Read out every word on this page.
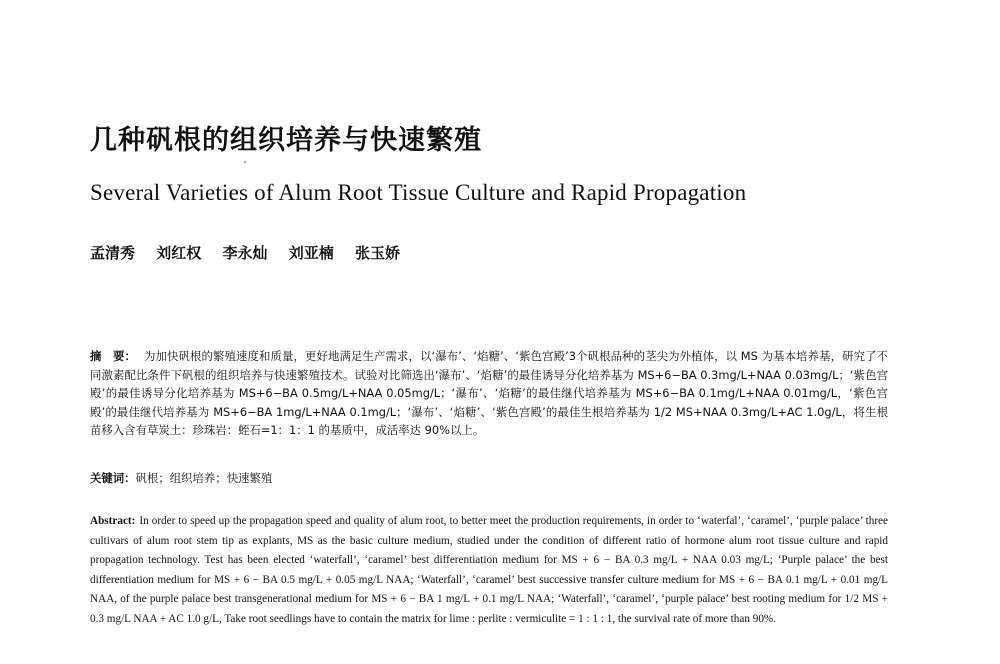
几种矾根的组织培养与快速繁殖
Several Varieties of Alum Root Tissue Culture and Rapid Propagation
孟清秀 刘红权 李永灿 刘亚楠 张玉娇
摘　要： 为加快矾根的繁殖速度和质量，更好地满足生产需求，以‘瀑布’、‘焰糖’、‘紫色宫殿’3个矾根品种的茎尖为外植体，以 MS 为基本培养基，研究了不同激素配比条件下矾根的组织培养与快速繁殖技术。试验对比筛选出‘瀑布’、‘焰糖’的最佳诱导分化培养基为 MS+6−BA 0.3mg/L+NAA 0.03mg/L；‘紫色宫殿’的最佳诱导分化培养基为 MS+6−BA 0.5mg/L+NAA 0.05mg/L；‘瀑布’、‘焰糖’的最佳继代培养基为 MS+6−BA 0.1mg/L+NAA 0.01mg/L，‘紫色宫殿’的最佳继代培养基为 MS+6−BA 1mg/L+NAA 0.1mg/L；‘瀑布’、‘焰糖’、‘紫色宫殿’的最佳生根培养基为 1/2 MS+NAA 0.3mg/L+AC 1.0g/L，将生根苗移入含有草炭土：珍珠岩：蛭石=1：1：1 的基质中，成活率达 90%以上。
关键词：矾根；组织培养；快速繁殖
Abstract: In order to speed up the propagation speed and quality of alum root, to better meet the production requirements, in order to ‘waterfal’, ‘caramel’, ‘purple palace’ three cultivars of alum root stem tip as explants, MS as the basic culture medium, studied under the condition of different ratio of hormone alum root tissue culture and rapid propagation technology. Test has been elected ‘waterfall’, ‘caramel’ best differentiation medium for MS + 6 − BA 0.3 mg/L + NAA 0.03 mg/L; ‘Purple palace’ the best differentiation medium for MS + 6 − BA 0.5 mg/L + 0.05 mg/L NAA; ‘Waterfall’, ‘caramel’ best successive transfer culture medium for MS + 6 − BA 0.1 mg/L + 0.01 mg/L NAA, of the purple palace best transgenerational medium for MS + 6 − BA 1 mg/L + 0.1 mg/L NAA; ‘Waterfall’, ‘caramel’, ‘purple palace’ best rooting medium for 1/2 MS + 0.3 mg/L NAA + AC 1.0 g/L, Take root seedlings have to contain the matrix for lime : perlite : vermiculite = 1 : 1 : 1, the survival rate of more than 90%.
